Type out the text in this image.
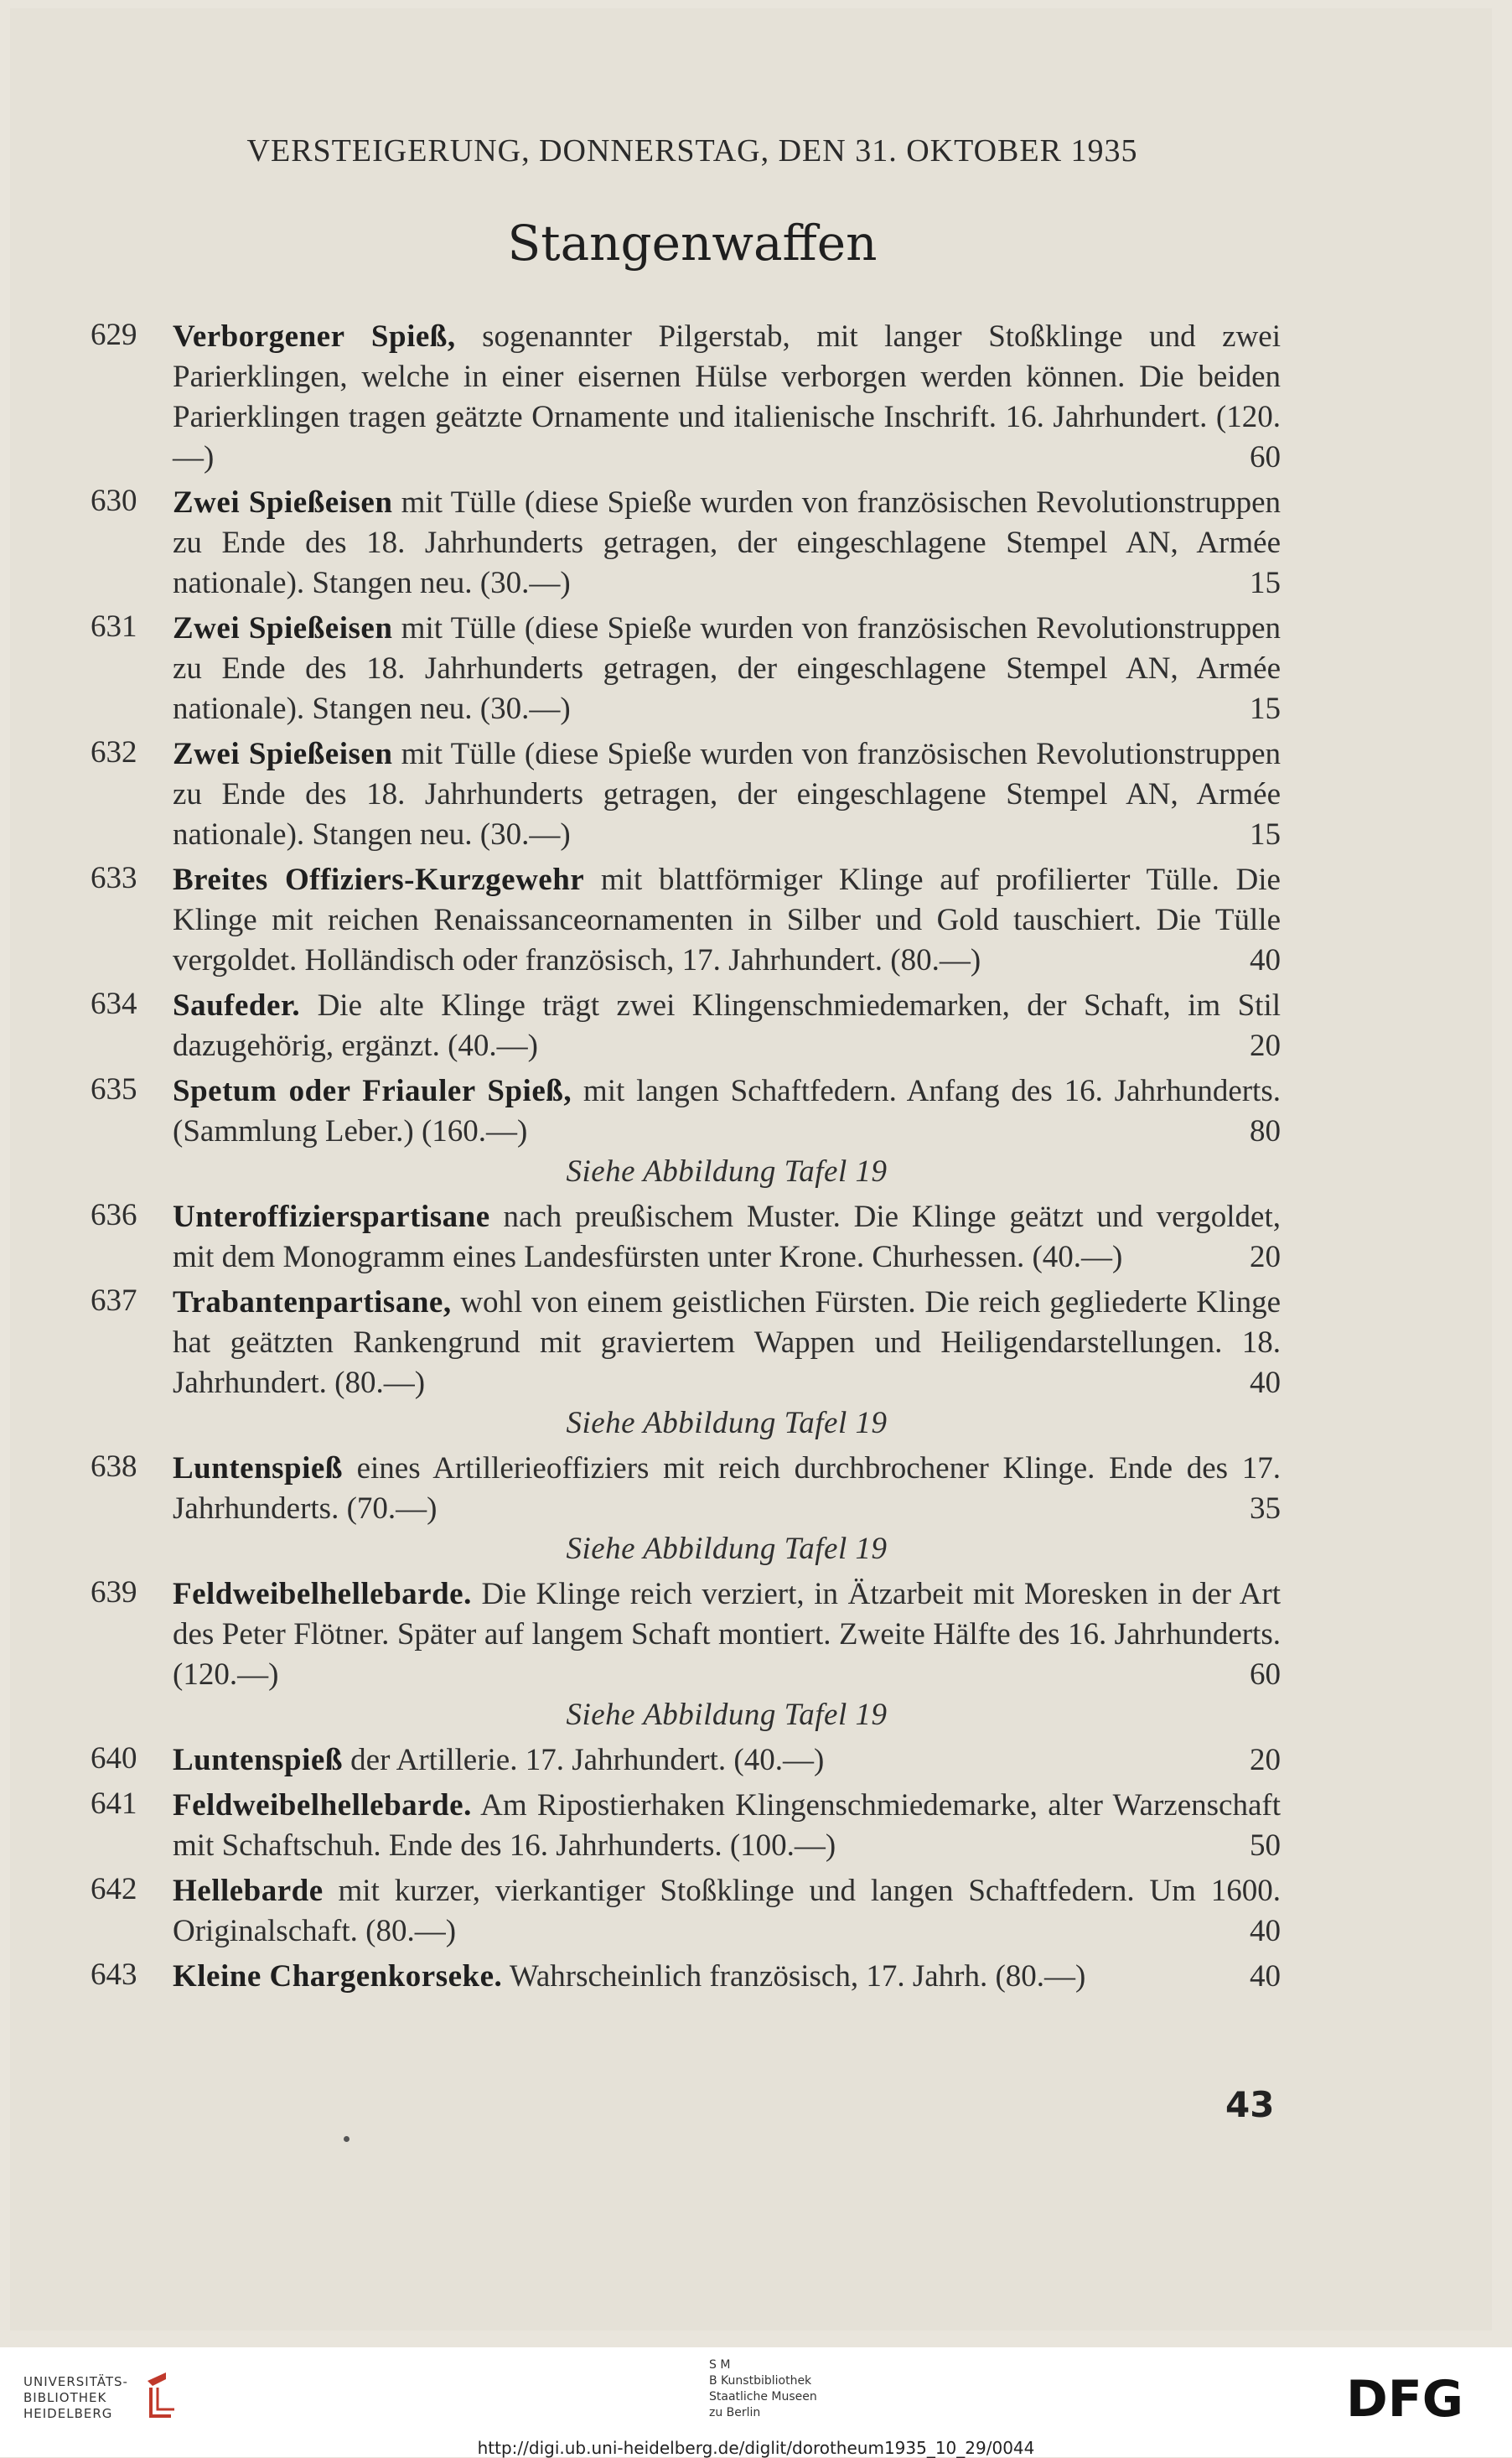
VERSTEIGERUNG, DONNERSTAG, DEN 31. OKTOBER 1935
Stangenwaffen
629	Verborgener Spieß, sogenannter Pilgerstab, mit langer Stoßklinge und zwei Parierklingen, welche in einer eisernen Hülse verborgen werden können. Die beiden Parierklingen tragen geätzte Ornamente und italienische Inschrift. 16. Jahrhundert. (120.—)	60
630	Zwei Spießeisen mit Tülle (diese Spieße wurden von französischen Revolutionstruppen zu Ende des 18. Jahrhunderts getragen, der eingeschlagene Stempel AN, Armée nationale). Stangen neu. (30.—)	15
631	Zwei Spießeisen mit Tülle (diese Spieße wurden von französischen Revolutionstruppen zu Ende des 18. Jahrhunderts getragen, der eingeschlagene Stempel AN, Armée nationale). Stangen neu. (30.—)	15
632	Zwei Spießeisen mit Tülle (diese Spieße wurden von französischen Revolutionstruppen zu Ende des 18. Jahrhunderts getragen, der eingeschlagene Stempel AN, Armée nationale). Stangen neu. (30.—)	15
633	Breites Offiziers-Kurzgewehr mit blattförmiger Klinge auf profilierter Tülle. Die Klinge mit reichen Renaissanceornamenten in Silber und Gold tauschiert. Die Tülle vergoldet. Holländisch oder französisch, 17. Jahrhundert. (80.—)	40
634	Saufeder. Die alte Klinge trägt zwei Klingenschmiedemarken, der Schaft, im Stil dazugehörig, ergänzt. (40.—)	20
635	Spetum oder Friauler Spieß, mit langen Schaftfedern. Anfang des 16. Jahrhunderts. (Sammlung Leber.) (160.—)	80
Siehe Abbildung Tafel 19
636	Unteroffizierspartisane nach preußischem Muster. Die Klinge geätzt und vergoldet, mit dem Monogramm eines Landesfürsten unter Krone. Churhessen. (40.—)	20
637	Trabantenpartisane, wohl von einem geistlichen Fürsten. Die reich gegliederte Klinge hat geätzten Rankengrund mit graviertem Wappen und Heiligendarstellungen. 18. Jahrhundert. (80.—)	40
Siehe Abbildung Tafel 19
638	Luntenspieß eines Artillerieoffiziers mit reich durchbrochener Klinge. Ende des 17. Jahrhunderts. (70.—)	35
Siehe Abbildung Tafel 19
639	Feldweibelhellebarde. Die Klinge reich verziert, in Ätzarbeit mit Moresken in der Art des Peter Flötner. Später auf langem Schaft montiert. Zweite Hälfte des 16. Jahrhunderts. (120.—)	60
Siehe Abbildung Tafel 19
640	Luntenspieß der Artillerie. 17. Jahrhundert. (40.—)	20
641	Feldweibelhellebarde. Am Ripostierhaken Klingenschmiedemarke, alter Warzenschaft mit Schaftschuh. Ende des 16. Jahrhunderts. (100.—)	50
642	Hellebarde mit kurzer, vierkantiger Stoßklinge und langen Schaftfedern. Um 1600. Originalschaft. (80.—)	40
643	Kleine Chargenkorseke. Wahrscheinlich französisch, 17. Jahrh. (80.—)	40
43
UNIVERSITÄTS-
BIBLIOTHEK
HEIDELBERG
S M
B Kunstbibliothek
Staatliche Museen
zu Berlin	DFG
http://digi.ub.uni-heidelberg.de/diglit/dorotheum1935_10_29/0044
